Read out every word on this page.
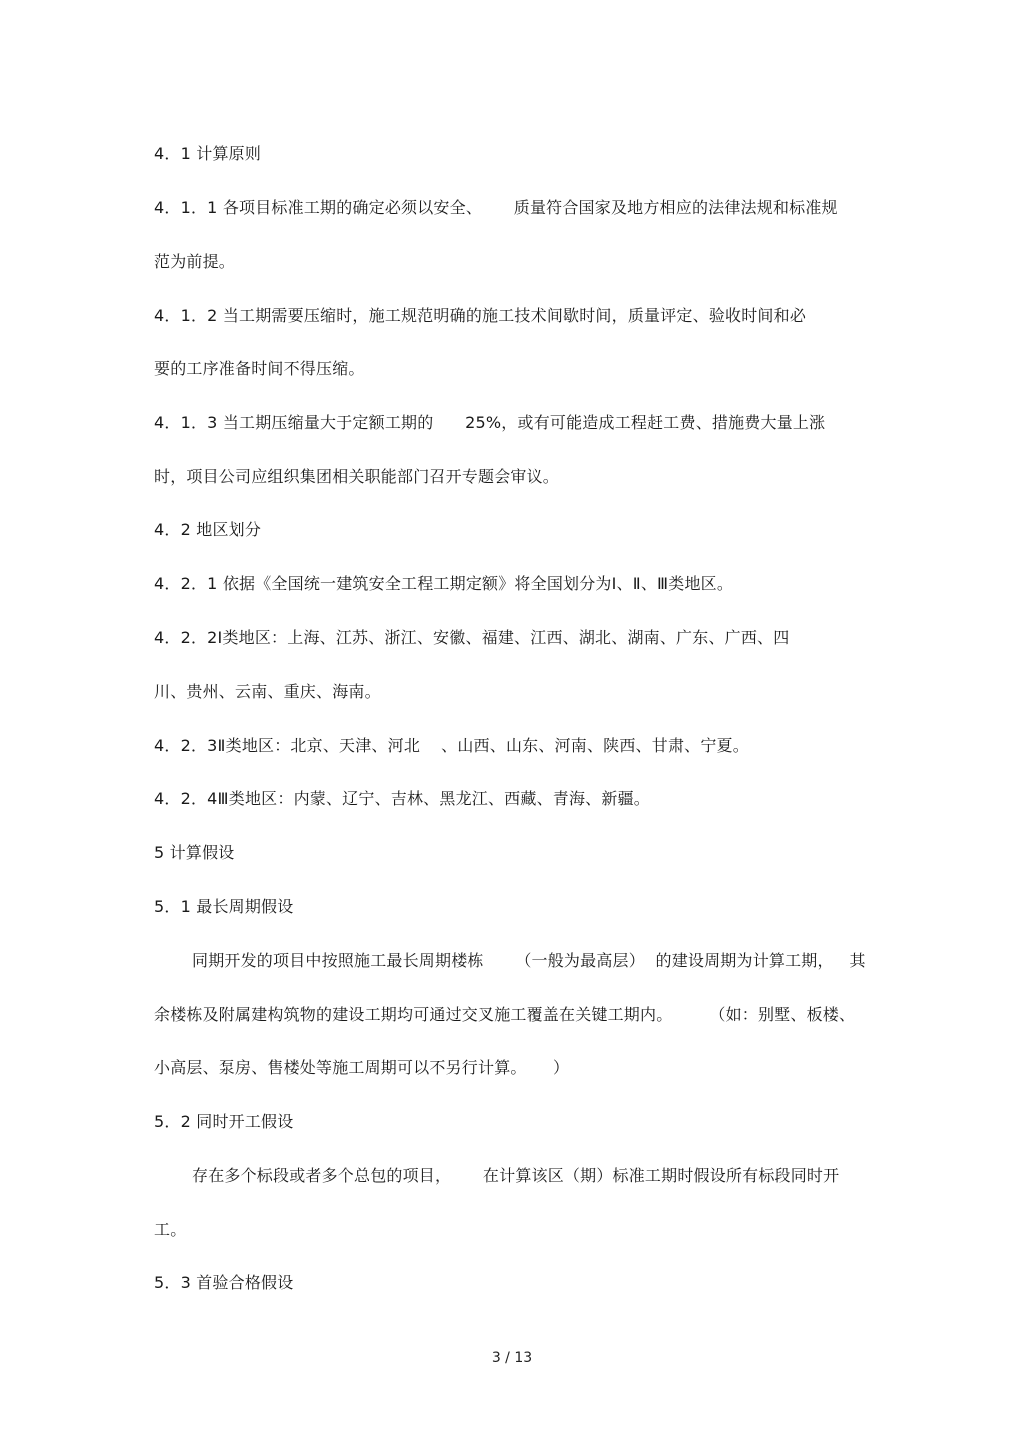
4．1 计算原则
4．1．1 各项目标准工期的确定必须以安全、      质量符合国家及地方相应的法律法规和标准规
范为前提。
4．1．2 当工期需要压缩时，施工规范明确的施工技术间歇时间，质量评定、验收时间和必
要的工序准备时间不得压缩。
4．1．3 当工期压缩量大于定额工期的      25%，或有可能造成工程赶工费、措施费大量上涨
时，项目公司应组织集团相关职能部门召开专题会审议。
4．2 地区划分
4．2．1 依据《全国统一建筑安全工程工期定额》将全国划分为Ⅰ、Ⅱ、Ⅲ类地区。
4．2．2Ⅰ类地区：上海、江苏、浙江、安徽、福建、江西、湖北、湖南、广东、广西、四
川、贵州、云南、重庆、海南。
4．2．3Ⅱ类地区：北京、天津、河北    、山西、山东、河南、陕西、甘肃、宁夏。
4．2．4Ⅲ类地区：内蒙、辽宁、吉林、黑龙江、西藏、青海、新疆。
5 计算假设
5．1 最长周期假设
同期开发的项目中按照施工最长周期楼栋      （一般为最高层）  的建设周期为计算工期，   其
余楼栋及附属建构筑物的建设工期均可通过交叉施工覆盖在关键工期内。       （如：别墅、板楼、
小高层、泵房、售楼处等施工周期可以不另行计算。     ）
5．2 同时开工假设
存在多个标段或者多个总包的项目，      在计算该区（期）标准工期时假设所有标段同时开
工。
5．3 首验合格假设
3 / 13
